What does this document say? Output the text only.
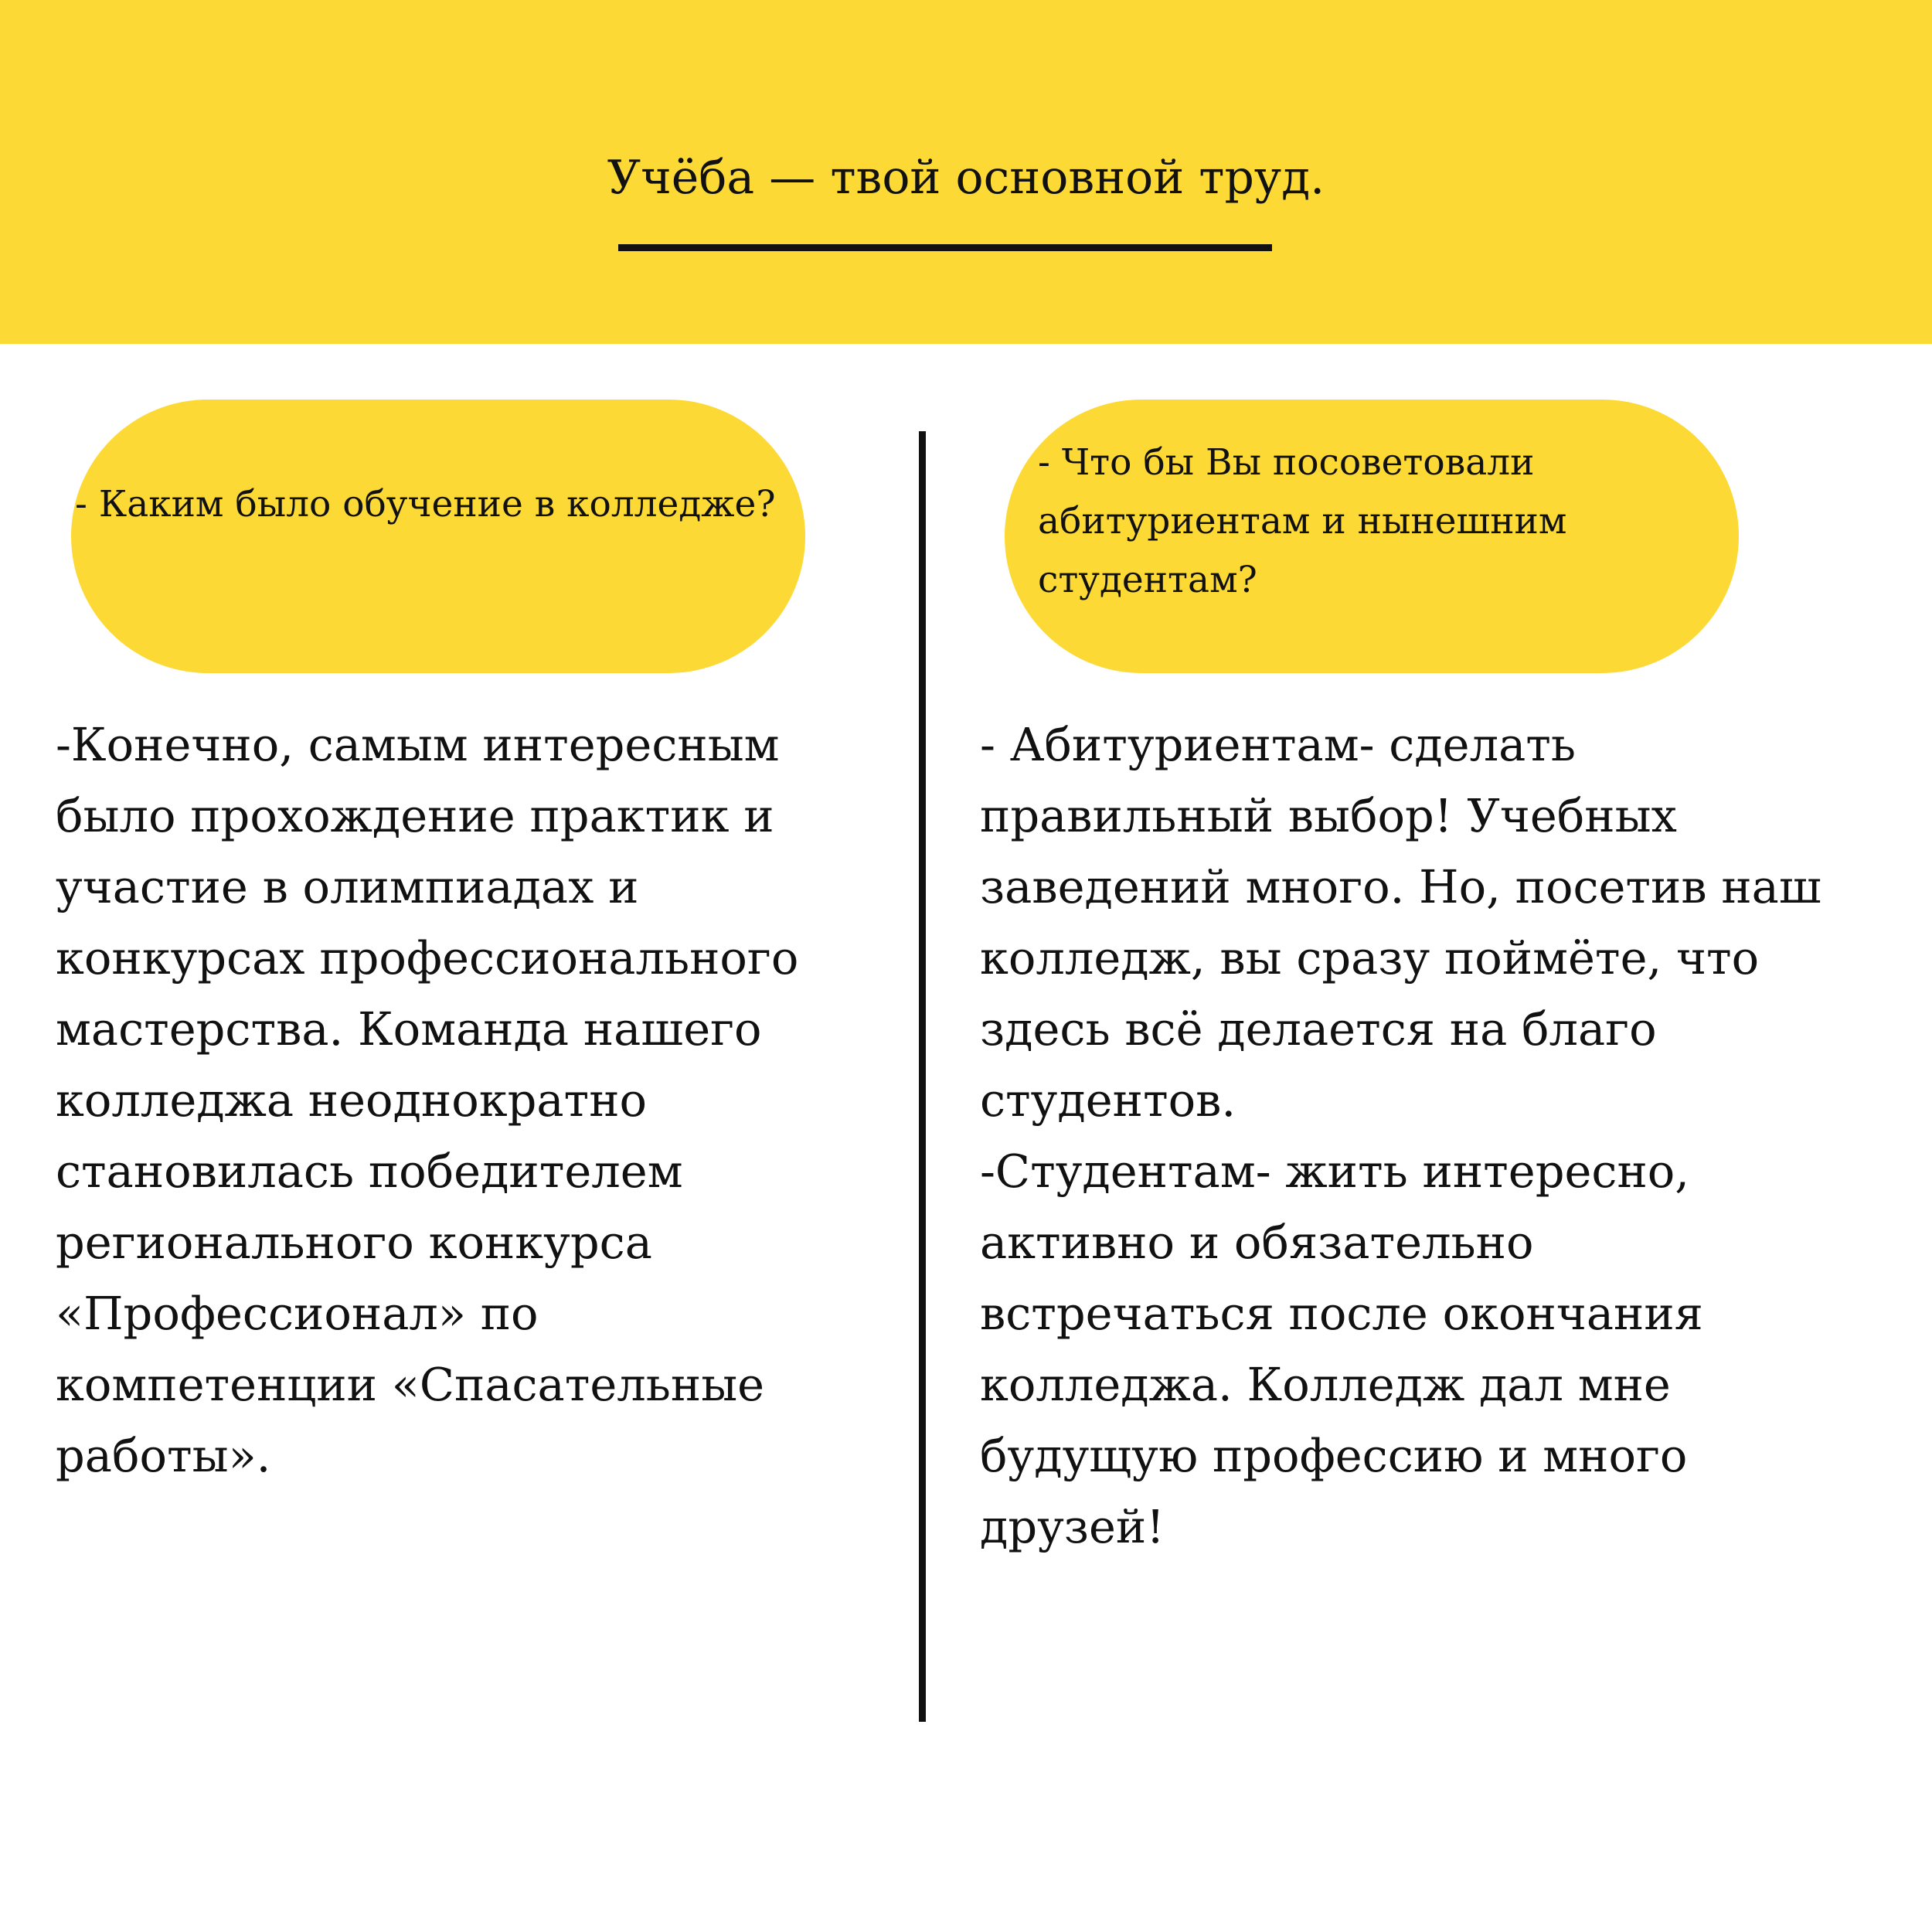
Учёба — твой основной труд.
- Каким было обучение в колледже?
- Что бы Вы посоветовали
абитуриентам и нынешним
студентам?
-Конечно, самым интересным
было прохождение практик и
участие в олимпиадах и
конкурсах профессионального
мастерства. Команда нашего
колледжа неоднократно
становилась победителем
регионального конкурса
«Профессионал» по
компетенции «Спасательные
работы».
- Абитуриентам- сделать
правильный выбор! Учебных
заведений много. Но, посетив наш
колледж, вы сразу поймёте, что
здесь всё делается на благо
студентов.
-Студентам- жить интересно,
активно и обязательно
встречаться после окончания
колледжа. Колледж дал мне
будущую профессию и много
друзей!
